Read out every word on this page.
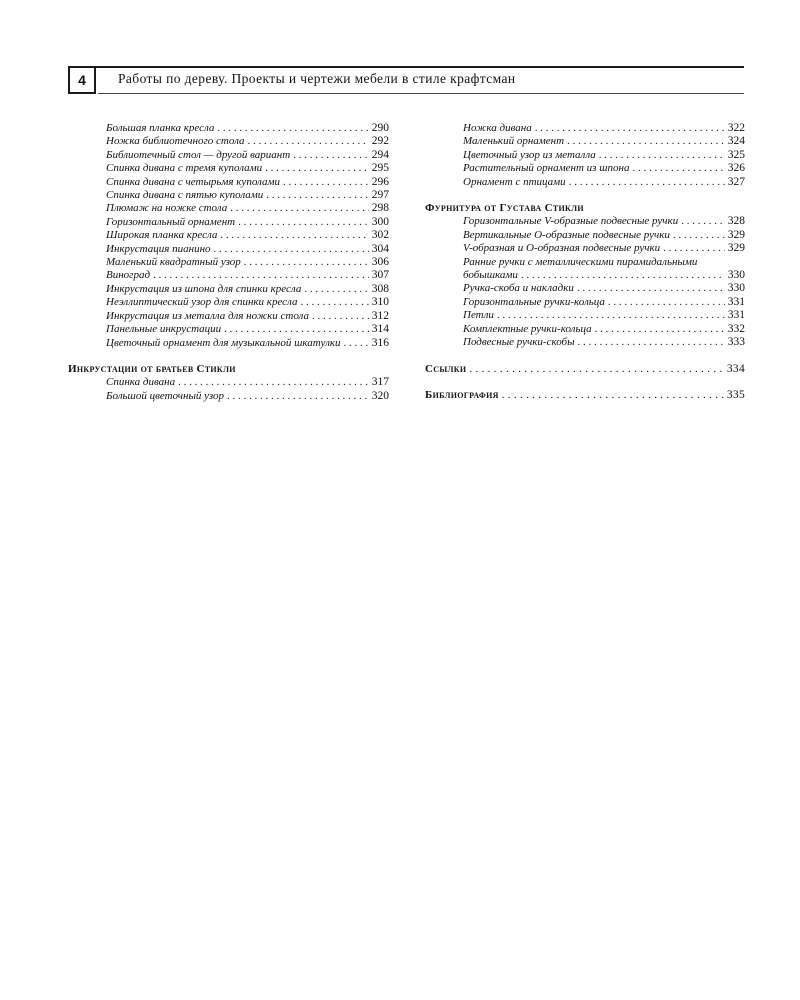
4	Работы по дереву. Проекты и чертежи мебели в стиле крафтсман
Большая планка кресла . . .	290
Ножка библиотечного стола . . .	292
Библиотечный стол — другой вариант . . .	294
Спинка дивана с тремя куполами . . .	295
Спинка дивана с четырьмя куполами . . .	296
Спинка дивана с пятью куполами . . .	297
Плюмаж на ножке стола . . .	298
Горизонтальный орнамент . . .	300
Широкая планка кресла . . .	302
Инкрустация пианино . . .	304
Маленький квадратный узор . . .	306
Виноград . . .	307
Инкрустация из шпона для спинки кресла . . .	308
Неэллиптический узор для спинки кресла . . .	310
Инкрустация из металла для ножки стола . . .	312
Панельные инкрустации . . .	314
Цветочный орнамент для музыкальной шкатулки . . .	316
Инкрустации от братьев Стикли
Спинка дивана . . .	317
Большой цветочный узор . . .	320
Ножка дивана . . .	322
Маленький орнамент . . .	324
Цветочный узор из металла . . .	325
Растительный орнамент из шпона . . .	326
Орнамент с птицами . . .	327
Фурнитура от Густава Стикли
Горизонтальные V-образные подвесные ручки . . .	328
Вертикальные О-образные подвесные ручки . . .	329
V-образная и О-образная подвесные ручки . . .	329
Ранние ручки с металлическими пирамидальными
бобышками . . .	330
Ручка-скоба и накладки . . .	330
Горизонтальные ручки-кольца . . .	331
Петли . . .	331
Комплектные ручки-кольца . . .	332
Подвесные ручки-скобы . . .	333
Ссылки . . .	334
Библиография . . .	335
